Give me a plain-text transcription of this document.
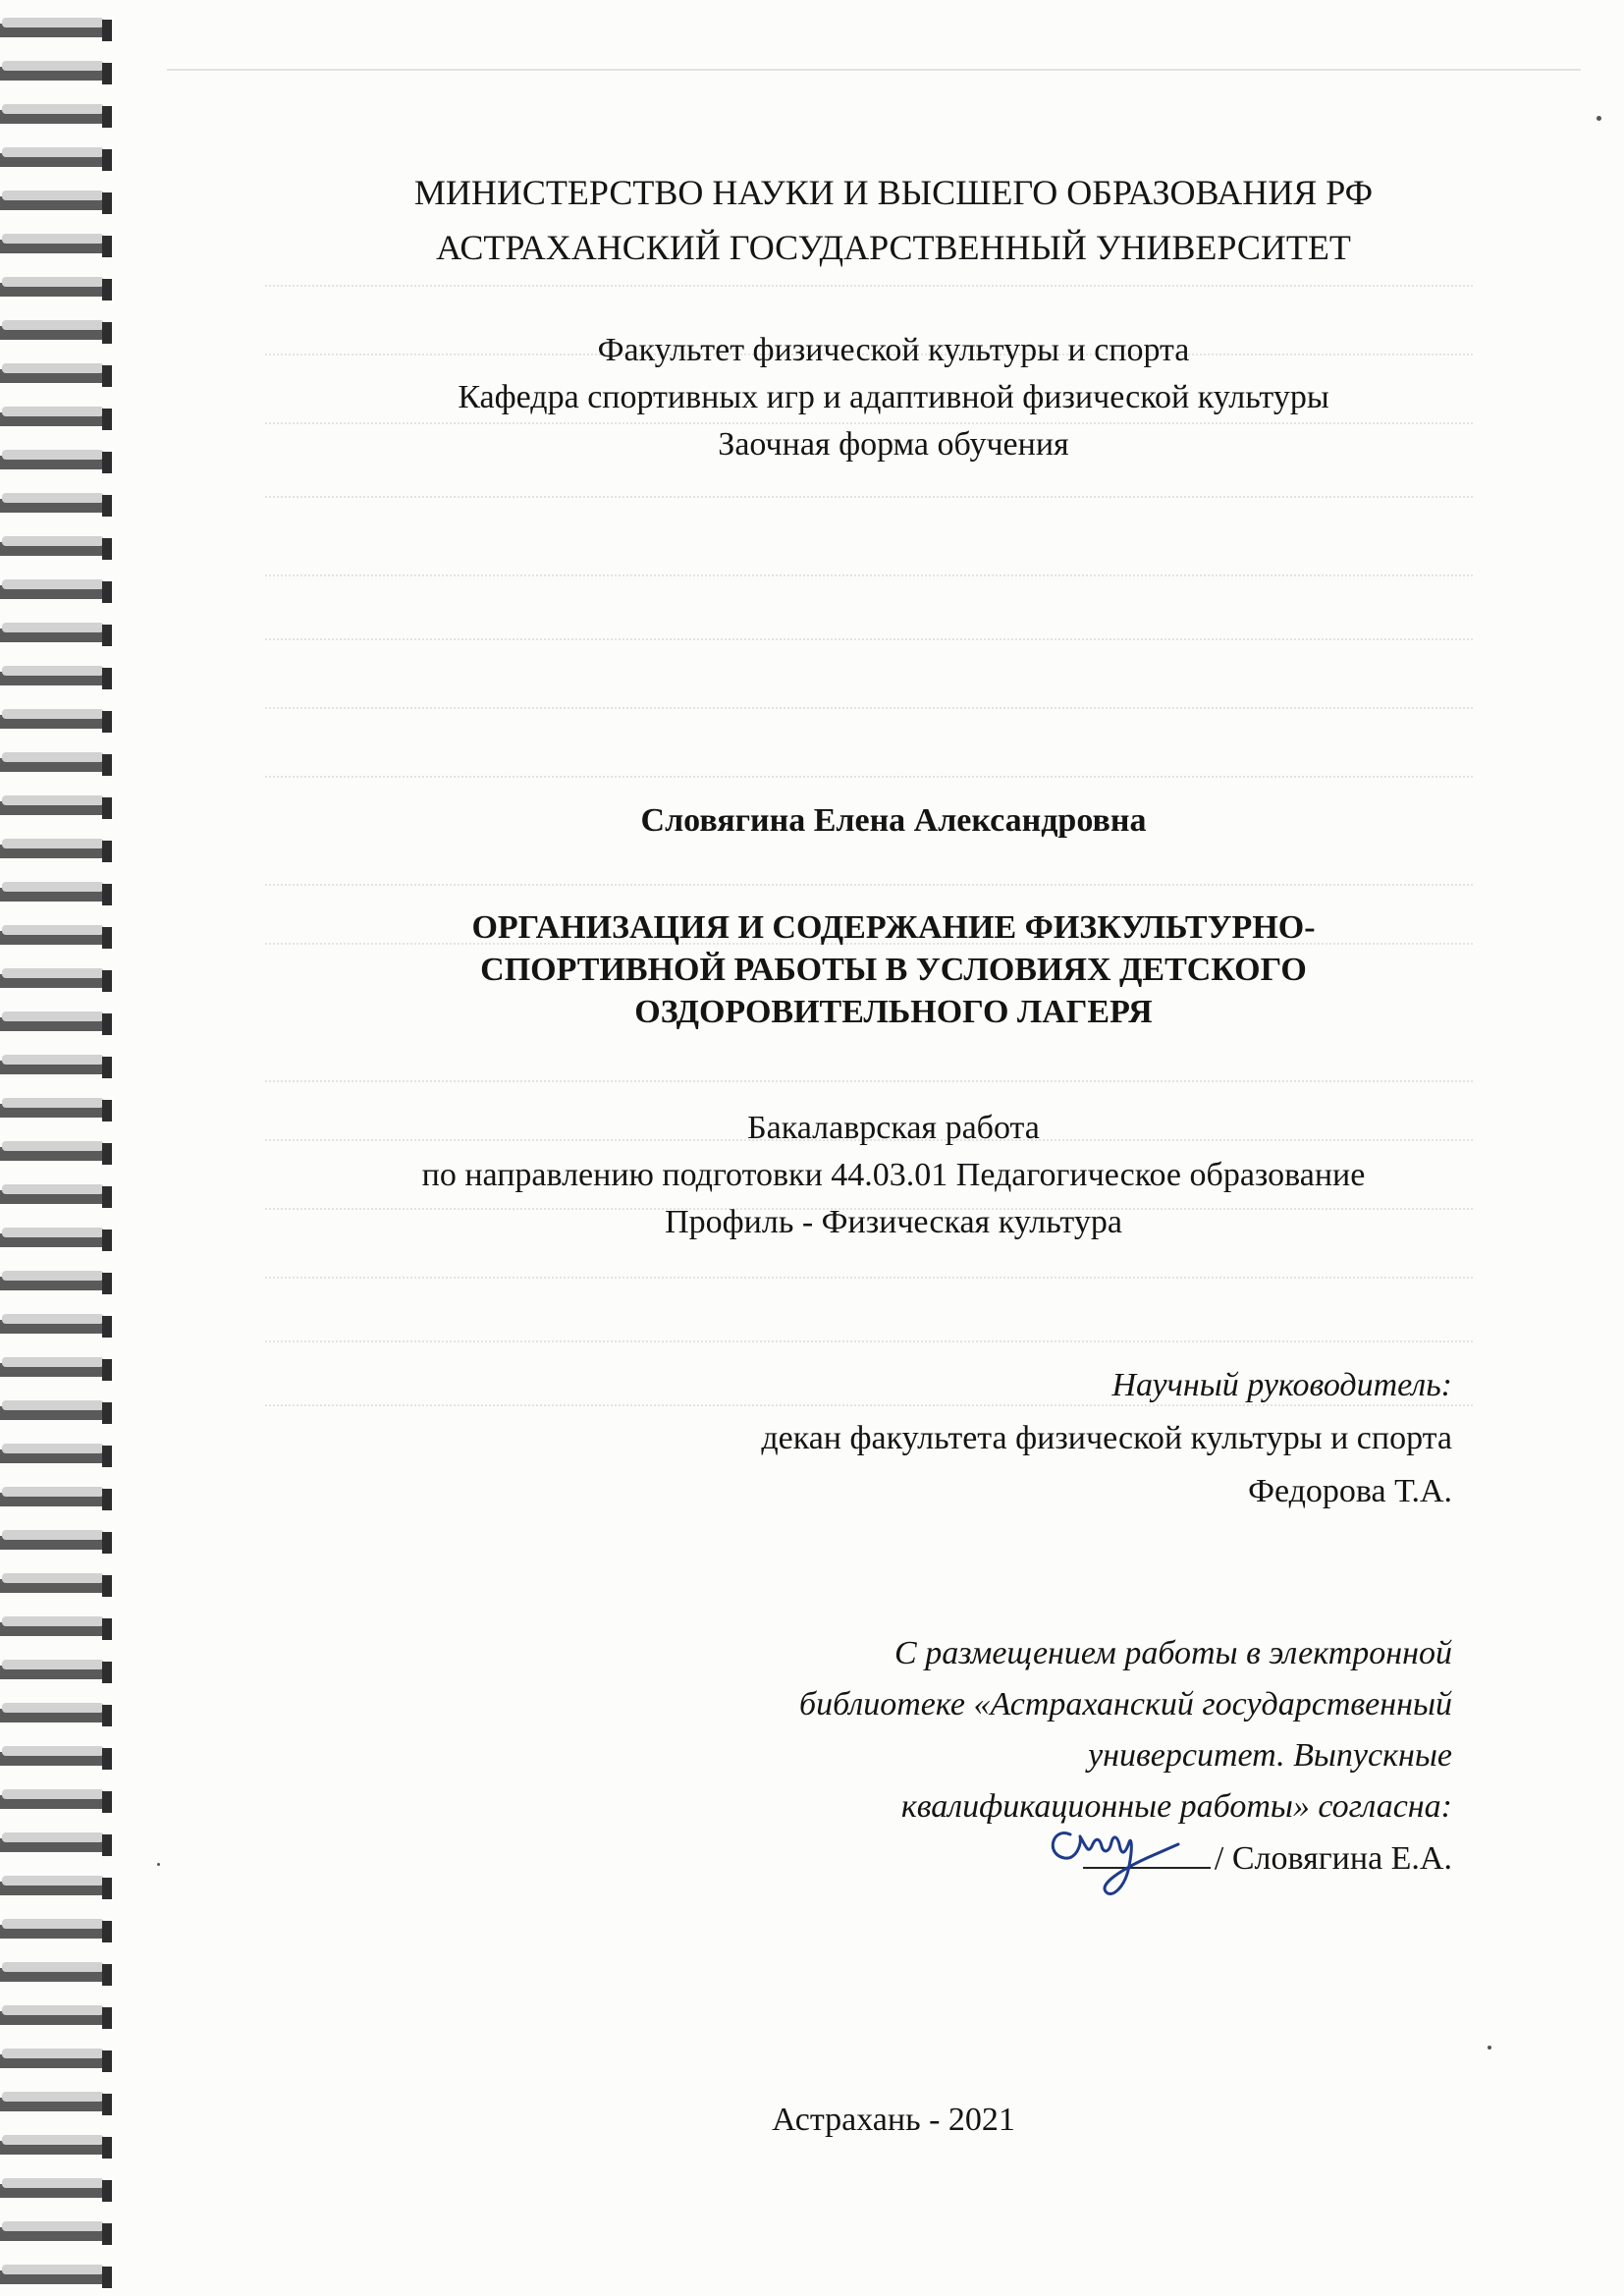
МИНИСТЕРСТВО НАУКИ И ВЫСШЕГО ОБРАЗОВАНИЯ РФ
АСТРАХАНСКИЙ ГОСУДАРСТВЕННЫЙ УНИВЕРСИТЕТ
Факультет физической культуры и спорта
Кафедра спортивных игр и адаптивной физической культуры
Заочная форма обучения
Словягина Елена Александровна
ОРГАНИЗАЦИЯ И СОДЕРЖАНИЕ ФИЗКУЛЬТУРНО-
СПОРТИВНОЙ РАБОТЫ В УСЛОВИЯХ ДЕТСКОГО
ОЗДОРОВИТЕЛЬНОГО ЛАГЕРЯ
Бакалаврская работа
по направлению подготовки 44.03.01 Педагогическое образование
Профиль - Физическая культура
Научный руководитель:
декан факультета физической культуры и спорта
Федорова Т.А.
С размещением работы в электронной
библиотеке «Астраханский государственный
университет. Выпускные
квалификационные работы» согласна:
/ Словягина Е.А.
Астрахань - 2021
